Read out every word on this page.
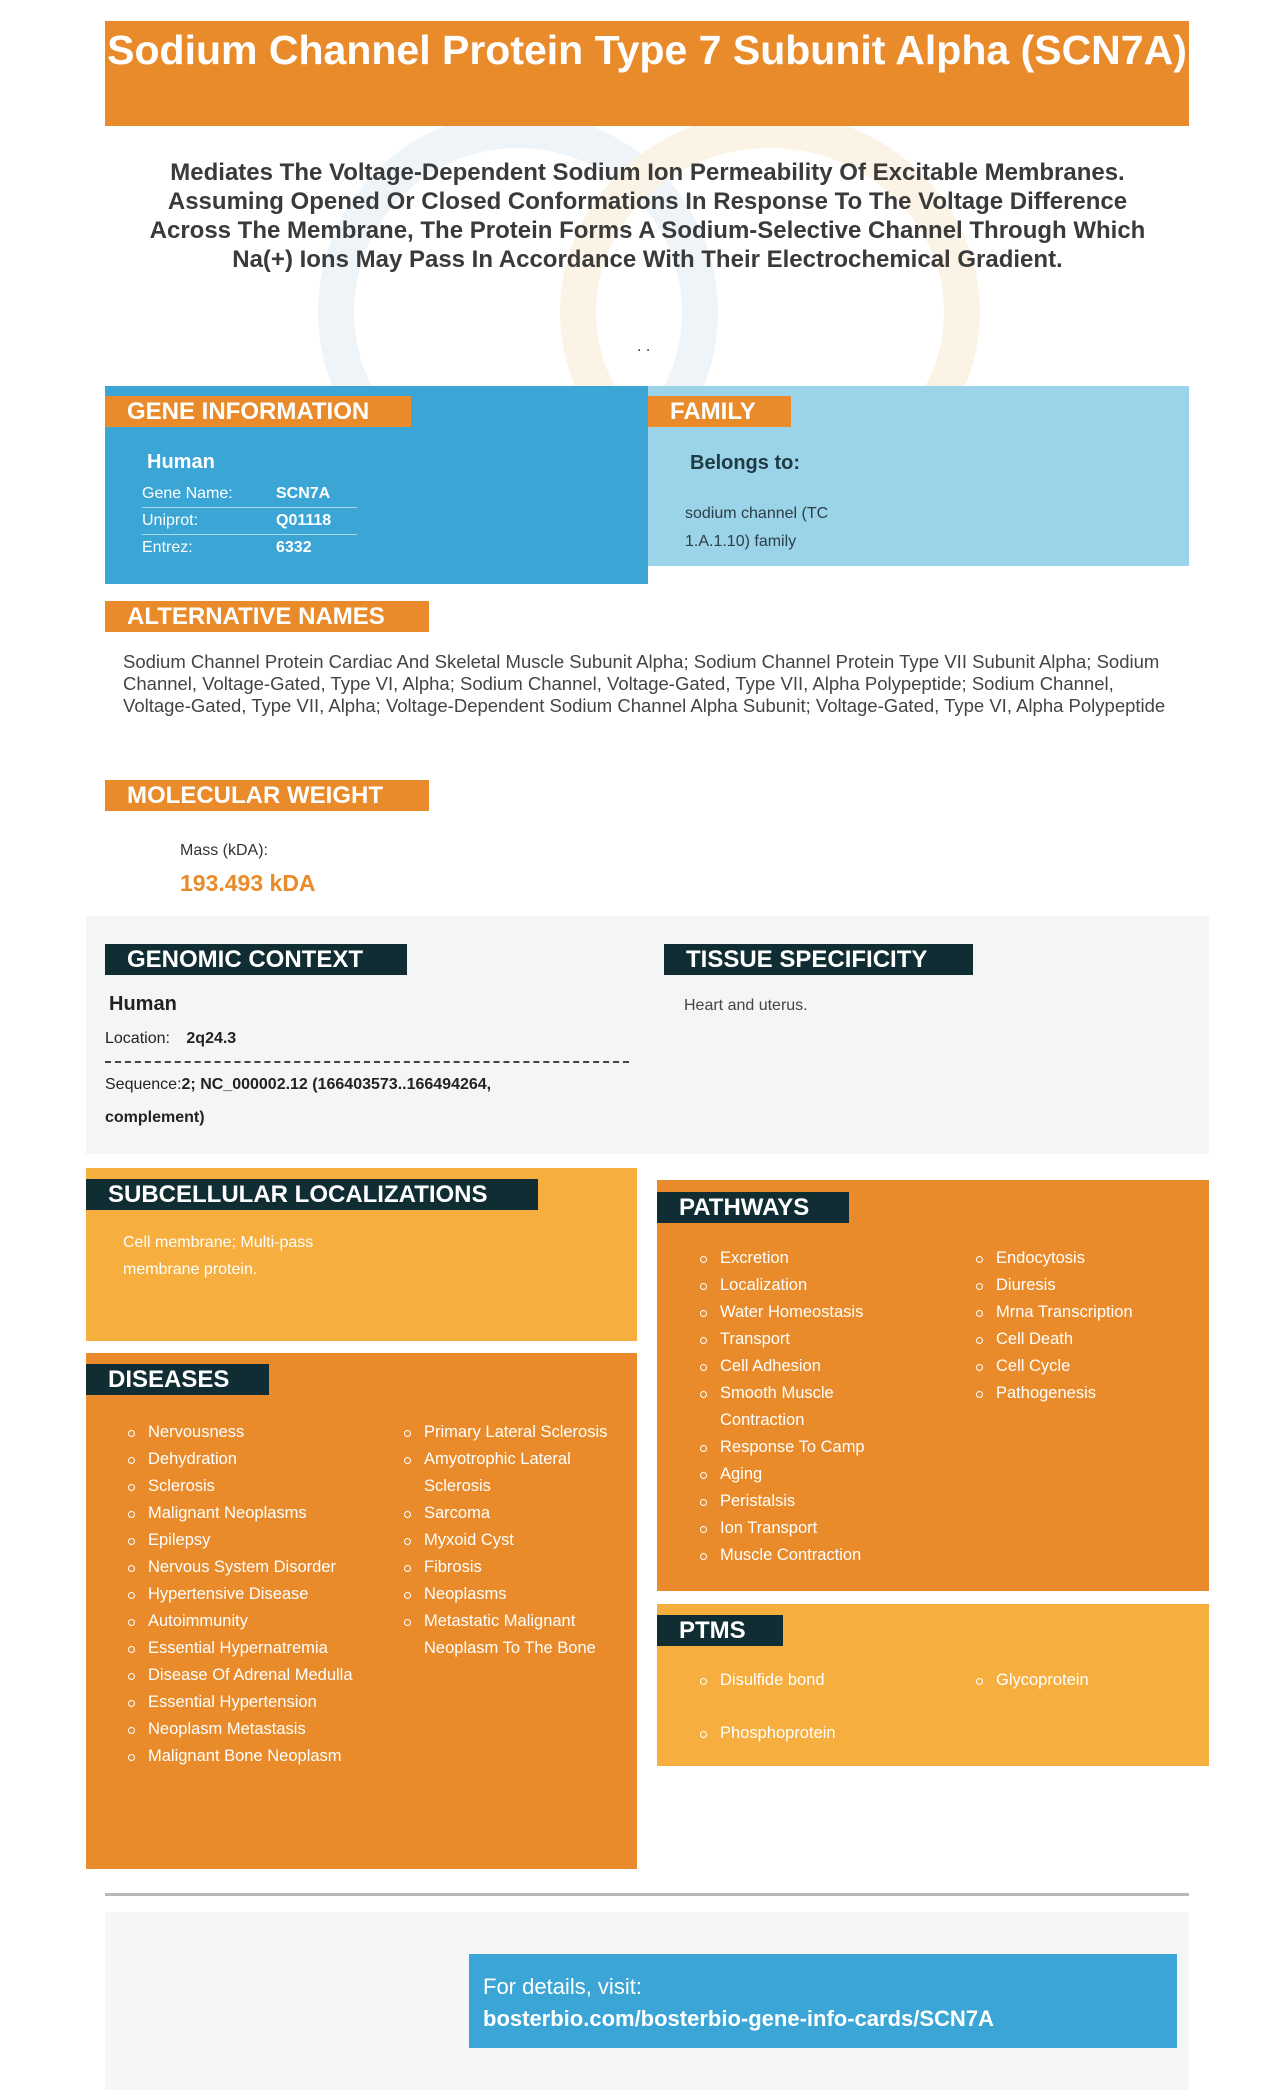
Sodium Channel Protein Type 7 Subunit Alpha (SCN7A)
Mediates The Voltage-Dependent Sodium Ion Permeability Of Excitable Membranes. Assuming Opened Or Closed Conformations In Response To The Voltage Difference Across The Membrane, The Protein Forms A Sodium-Selective Channel Through Which Na(+) Ions May Pass In Accordance With Their Electrochemical Gradient.
. .
GENE INFORMATION
Human
Gene Name:	SCN7A
Uniprot:	Q01118
Entrez:	6332
FAMILY
Belongs to:
sodium channel (TC 1.A.1.10) family
ALTERNATIVE NAMES
Sodium Channel Protein Cardiac And Skeletal Muscle Subunit Alpha; Sodium Channel Protein Type VII Subunit Alpha; Sodium Channel, Voltage-Gated, Type VI, Alpha; Sodium Channel, Voltage-Gated, Type VII, Alpha Polypeptide; Sodium Channel, Voltage-Gated, Type VII, Alpha; Voltage-Dependent Sodium Channel Alpha Subunit; Voltage-Gated, Type VI, Alpha Polypeptide
MOLECULAR WEIGHT
Mass (kDA):
193.493 kDA
GENOMIC CONTEXT
Human
Location: 2q24.3
Sequence:2; NC_000002.12 (166403573..166494264, complement)
TISSUE SPECIFICITY
Heart and uterus.
SUBCELLULAR LOCALIZATIONS
Cell membrane; Multi-pass membrane protein.
DISEASES
Nervousness
Dehydration
Sclerosis
Malignant Neoplasms
Epilepsy
Nervous System Disorder
Hypertensive Disease
Autoimmunity
Essential Hypernatremia
Disease Of Adrenal Medulla
Essential Hypertension
Neoplasm Metastasis
Malignant Bone Neoplasm
Primary Lateral Sclerosis
Amyotrophic Lateral Sclerosis
Sarcoma
Myxoid Cyst
Fibrosis
Neoplasms
Metastatic Malignant Neoplasm To The Bone
PATHWAYS
Excretion
Localization
Water Homeostasis
Transport
Cell Adhesion
Smooth Muscle Contraction
Response To Camp
Aging
Peristalsis
Ion Transport
Muscle Contraction
Endocytosis
Diuresis
Mrna Transcription
Cell Death
Cell Cycle
Pathogenesis
PTMS
Disulfide bond
Phosphoprotein
Glycoprotein
For details, visit:
bosterbio.com/bosterbio-gene-info-cards/SCN7A
